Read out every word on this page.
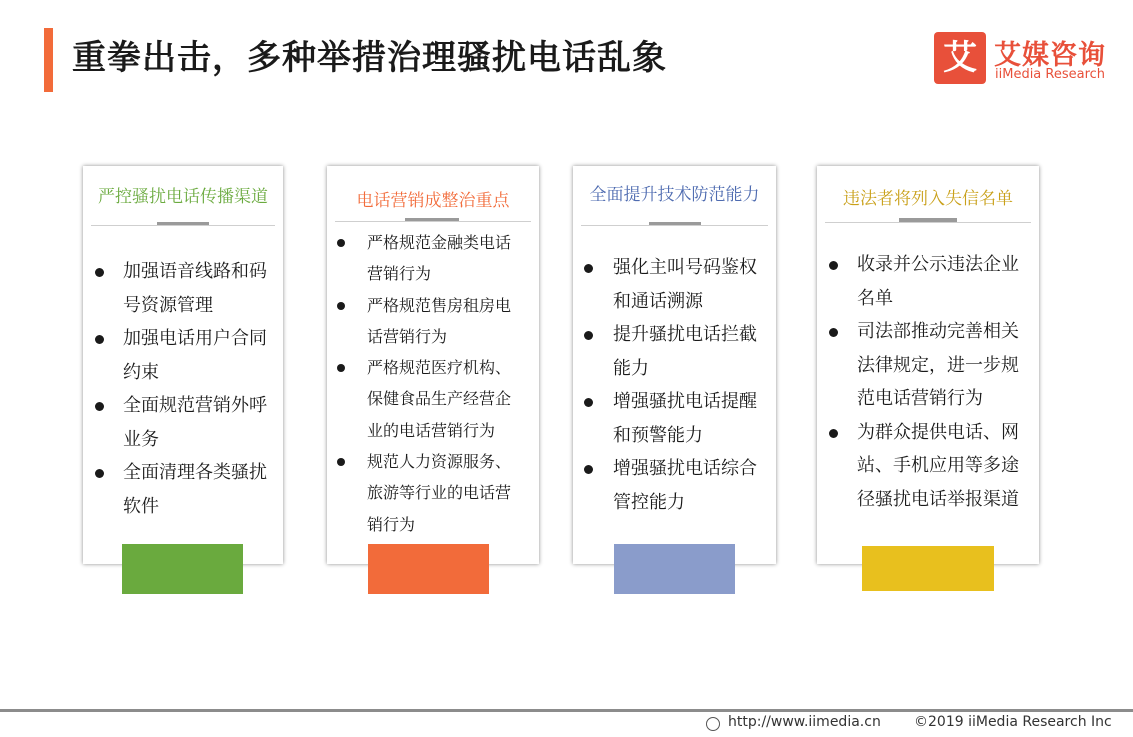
重拳出击，多种举措治理骚扰电话乱象	艾 艾媒咨询
iiMedia Research
严控骚扰电话传播渠道
加强语音线路和码
号资源管理
加强电话用户合同
约束
全面规范营销外呼
业务
全面清理各类骚扰
软件
电话营销成整治重点
严格规范金融类电话
营销行为
严格规范售房租房电
话营销行为
严格规范医疗机构、
保健食品生产经营企
业的电话营销行为
规范人力资源服务、
旅游等行业的电话营
销行为
全面提升技术防范能力
强化主叫号码鉴权
和通话溯源
提升骚扰电话拦截
能力
增强骚扰电话提醒
和预警能力
增强骚扰电话综合
管控能力
违法者将列入失信名单
收录并公示违法企业
名单
司法部推动完善相关
法律规定，进一步规
范电话营销行为
为群众提供电话、网
站、手机应用等多途
径骚扰电话举报渠道
http://www.iimedia.cn ©2019 iiMedia Research Inc
